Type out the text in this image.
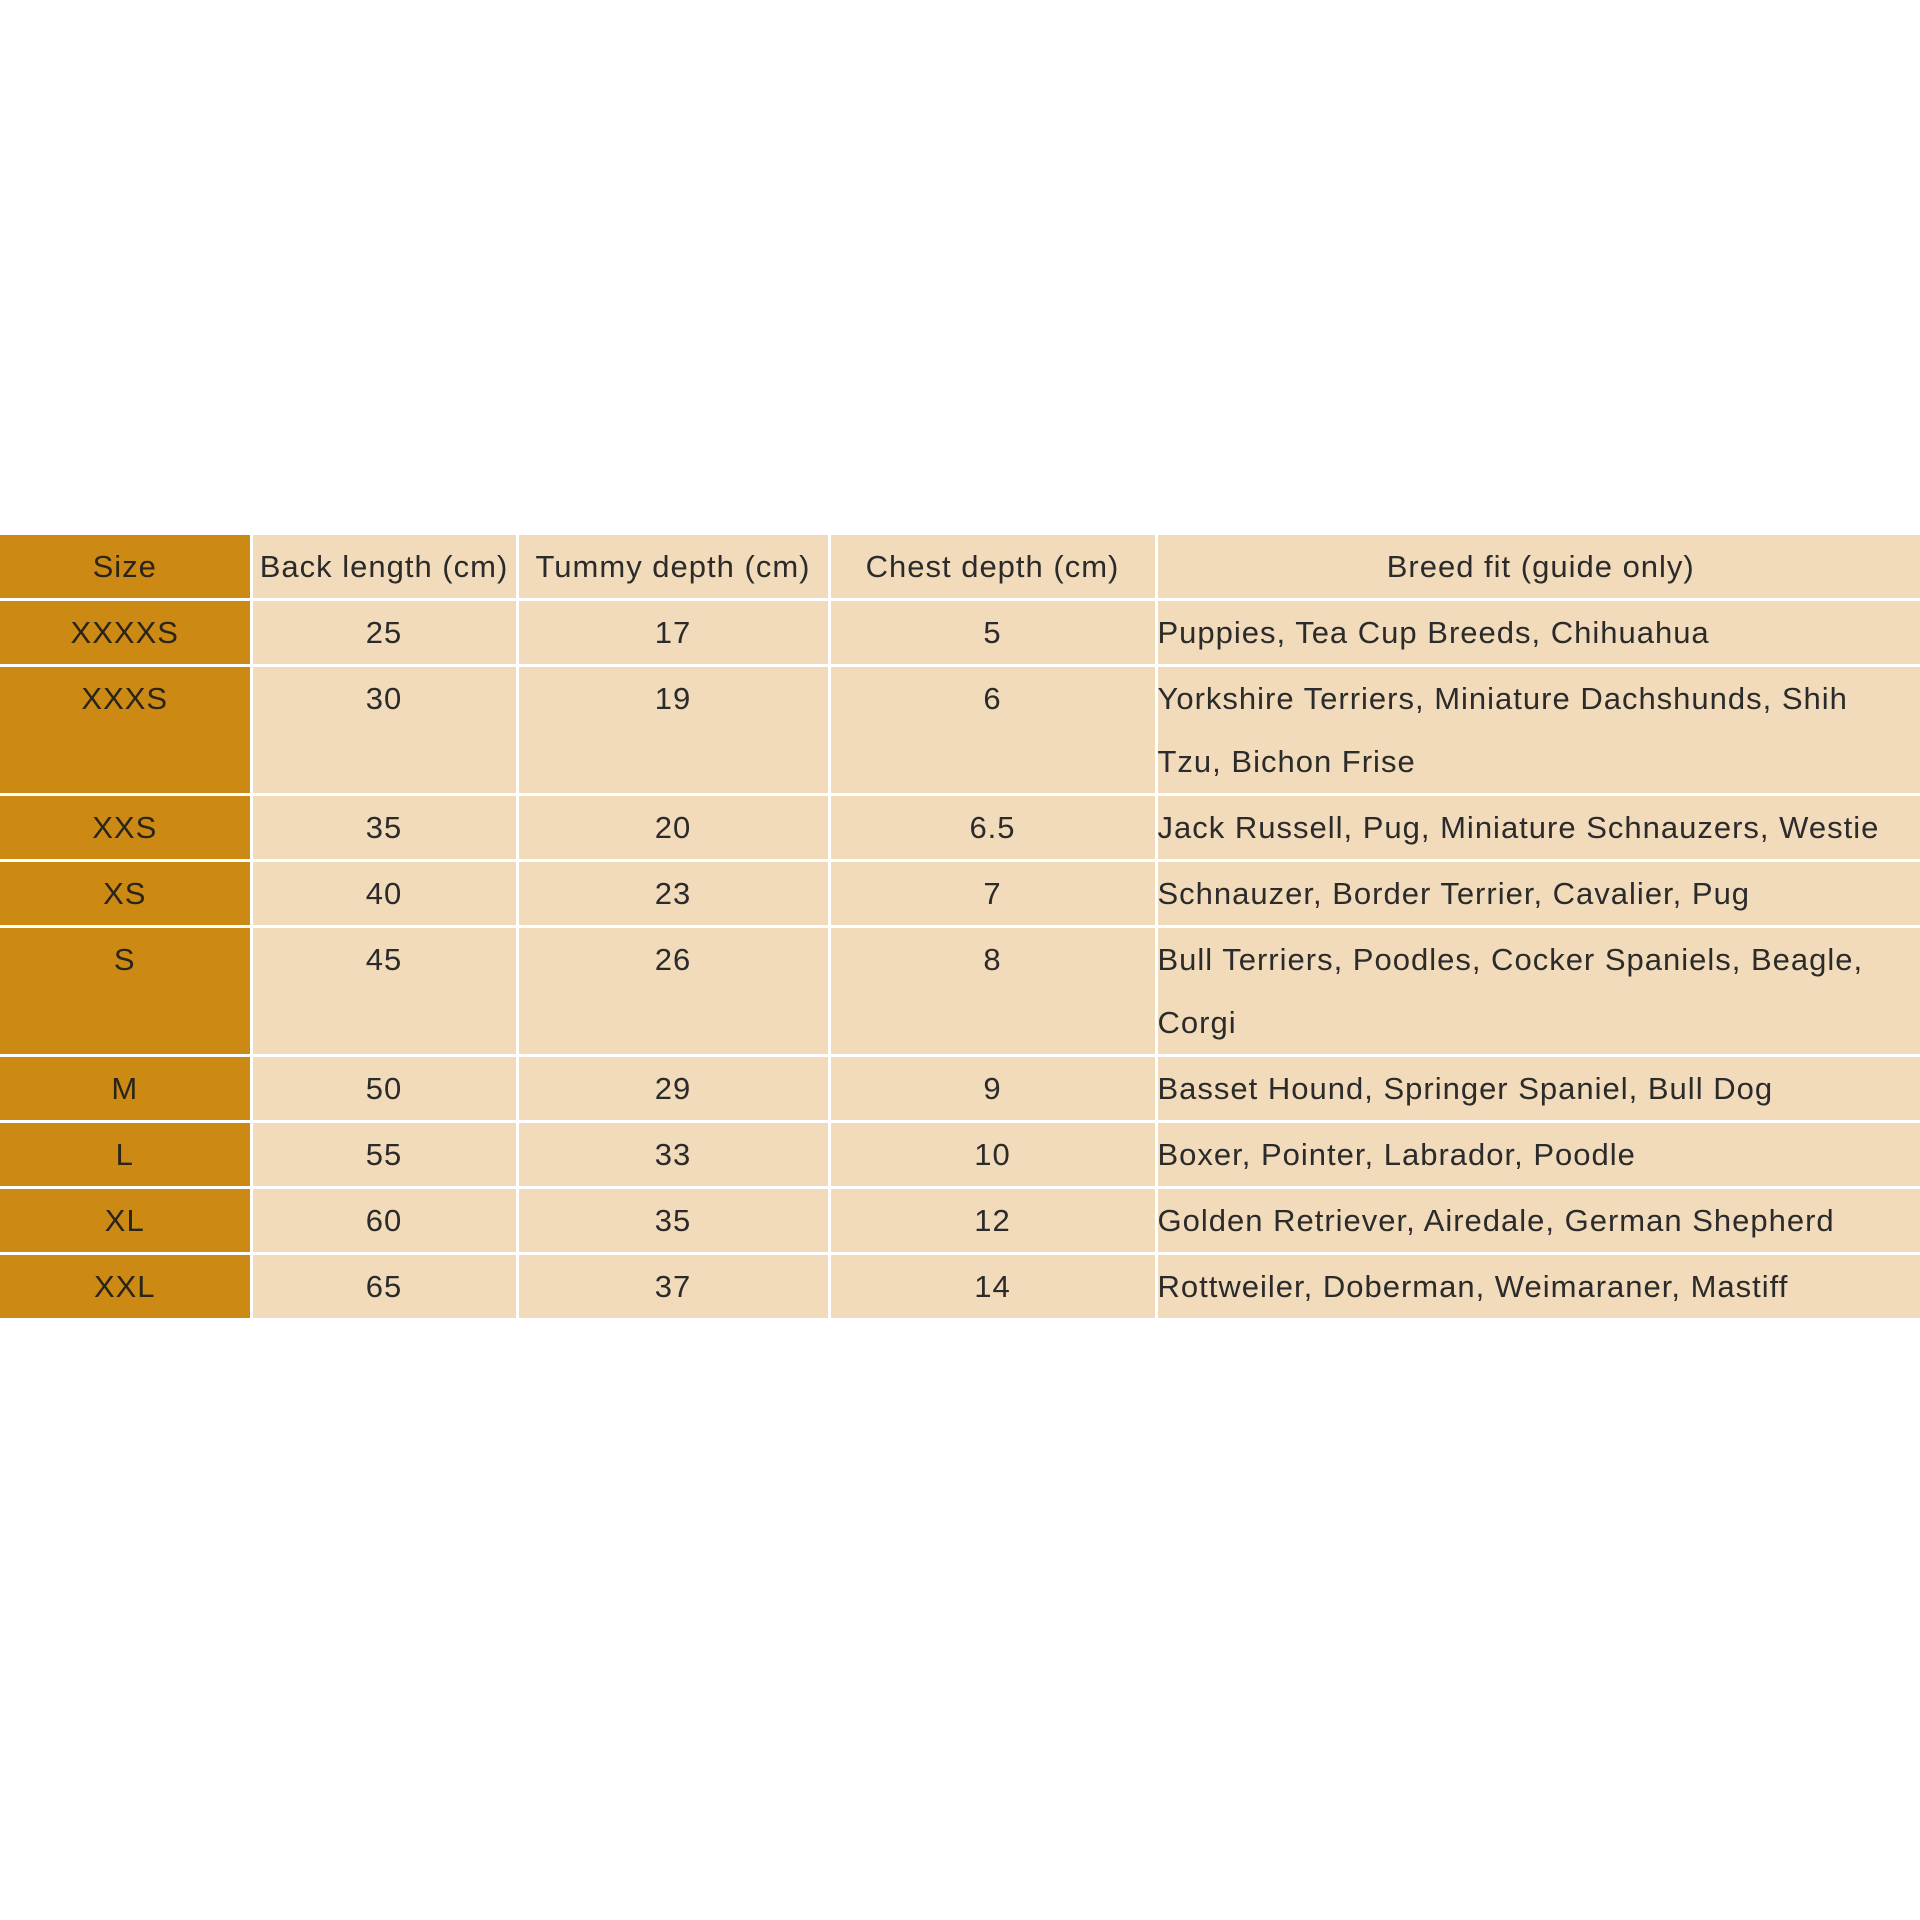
Size	Back length (cm)	Tummy depth (cm)	Chest depth (cm)	Breed fit (guide only)
XXXXS	25	17	5	Puppies, Tea Cup Breeds, Chihuahua
XXXS	30	19	6	Yorkshire Terriers, Miniature Dachshunds, Shih Tzu, Bichon Frise
XXS	35	20	6.5	Jack Russell, Pug, Miniature Schnauzers, Westie
XS	40	23	7	Schnauzer, Border Terrier, Cavalier, Pug
S	45	26	8	Bull Terriers, Poodles, Cocker Spaniels, Beagle, Corgi
M	50	29	9	Basset Hound, Springer Spaniel, Bull Dog
L	55	33	10	Boxer, Pointer, Labrador, Poodle
XL	60	35	12	Golden Retriever, Airedale, German Shepherd
XXL	65	37	14	Rottweiler, Doberman, Weimaraner, Mastiff
